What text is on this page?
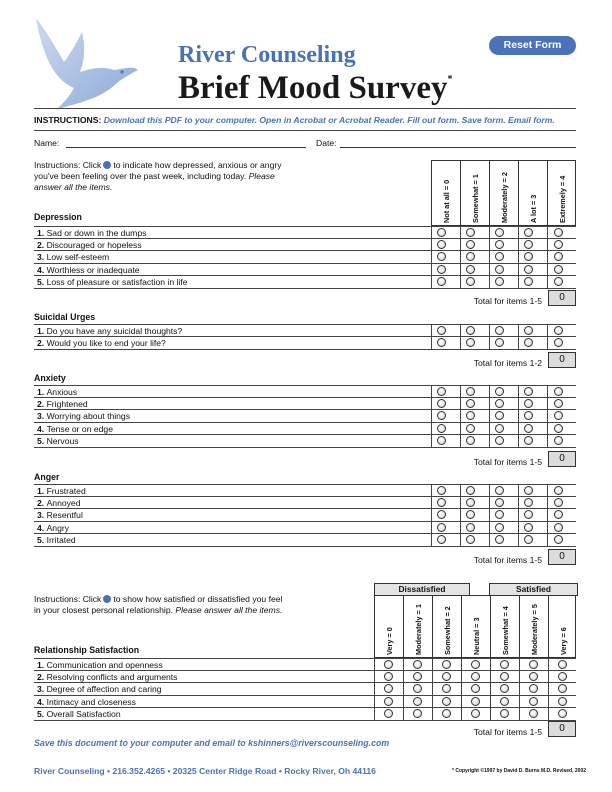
River Counseling
Brief Mood Survey*
Reset Form
INSTRUCTIONS: Download this PDF to your computer. Open in Acrobat or Acrobat Reader. Fill out form. Save form. Email form.
Name:	Date:
Instructions: Click to indicate how depressed, anxious or angry you've been feeling over the past week, including today. Please answer all the items.	Not at all = 0	Somewhat = 1	Moderately = 2	A lot = 3	Extremely = 4
Depression
1. Sad or down in the dumps
2. Discouraged or hopeless
3. Low self-esteem
4. Worthless or inadequate
5. Loss of pleasure or satisfaction in life
Total for items 1-5	0
Suicidal Urges
1. Do you have any suicidal thoughts?
2. Would you like to end your life?
Total for items 1-2	0
Anxiety
1. Anxious
2. Frightened
3. Worrying about things
4. Tense or on edge
5. Nervous
Total for items 1-5	0
Anger
1. Frustrated
2. Annoyed
3. Resentful
4. Angry
5. Irritated
Total for items 1-5	0
Dissatisfied	Satisfied
Instructions: Click to show how satisfied or dissatisfied you feel in your closest personal relationship. Please answer all the items.
Very = 0	Moderately = 1	Somewhat = 2	Neutral = 3	Somewhat = 4	Moderately = 5	Very = 6
Relationship Satisfaction
1. Communication and openness
2. Resolving conflicts and arguments
3. Degree of affection and caring
4. Intimacy and closeness
5. Overall Satisfaction
Total for items 1-5	0
Save this document to your computer and email to kshinners@riverscounseling.com
River Counseling • 216.352.4265 • 20325 Center Ridge Road • Rocky River, Oh 44116	* Copyright ©1997 by David D. Burns M.D. Revised, 2002
